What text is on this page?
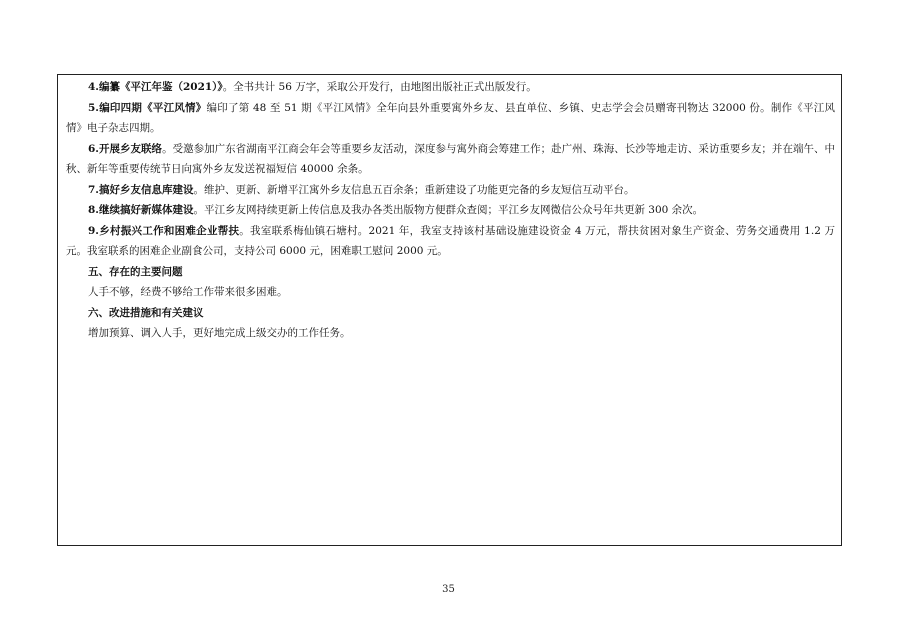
4.编纂《平江年鉴（2021）》。全书共计 56 万字，采取公开发行，由地图出版社正式出版发行。

5.编印四期《平江风情》编印了第 48 至 51 期《平江风情》全年向县外重要寓外乡友、县直单位、乡镇、史志学会会员赠寄刊物达 32000 份。制作《平江风情》电子杂志四期。

6.开展乡友联络。受邀参加广东省湖南平江商会年会等重要乡友活动，深度参与寓外商会筹建工作；赴广州、珠海、长沙等地走访、采访重要乡友；并在端午、中秋、新年等重要传统节日向寓外乡友发送祝福短信 40000 余条。

7.搞好乡友信息库建设。维护、更新、新增平江寓外乡友信息五百余条；重新建设了功能更完备的乡友短信互动平台。

8.继续搞好新媒体建设。平江乡友网持续更新上传信息及我办各类出版物方便群众查阅；平江乡友网微信公众号年共更新 300 余次。

9.乡村振兴工作和困难企业帮扶。我室联系梅仙镇石塘村。2021 年，我室支持该村基础设施建设资金 4 万元，帮扶贫困对象生产资金、劳务交通费用 1.2 万元。我室联系的困难企业副食公司，支持公司 6000 元，困难职工慰问 2000 元。

五、存在的主要问题

人手不够，经费不够给工作带来很多困难。

六、改进措施和有关建议

增加预算、调入人手，更好地完成上级交办的工作任务。

35
